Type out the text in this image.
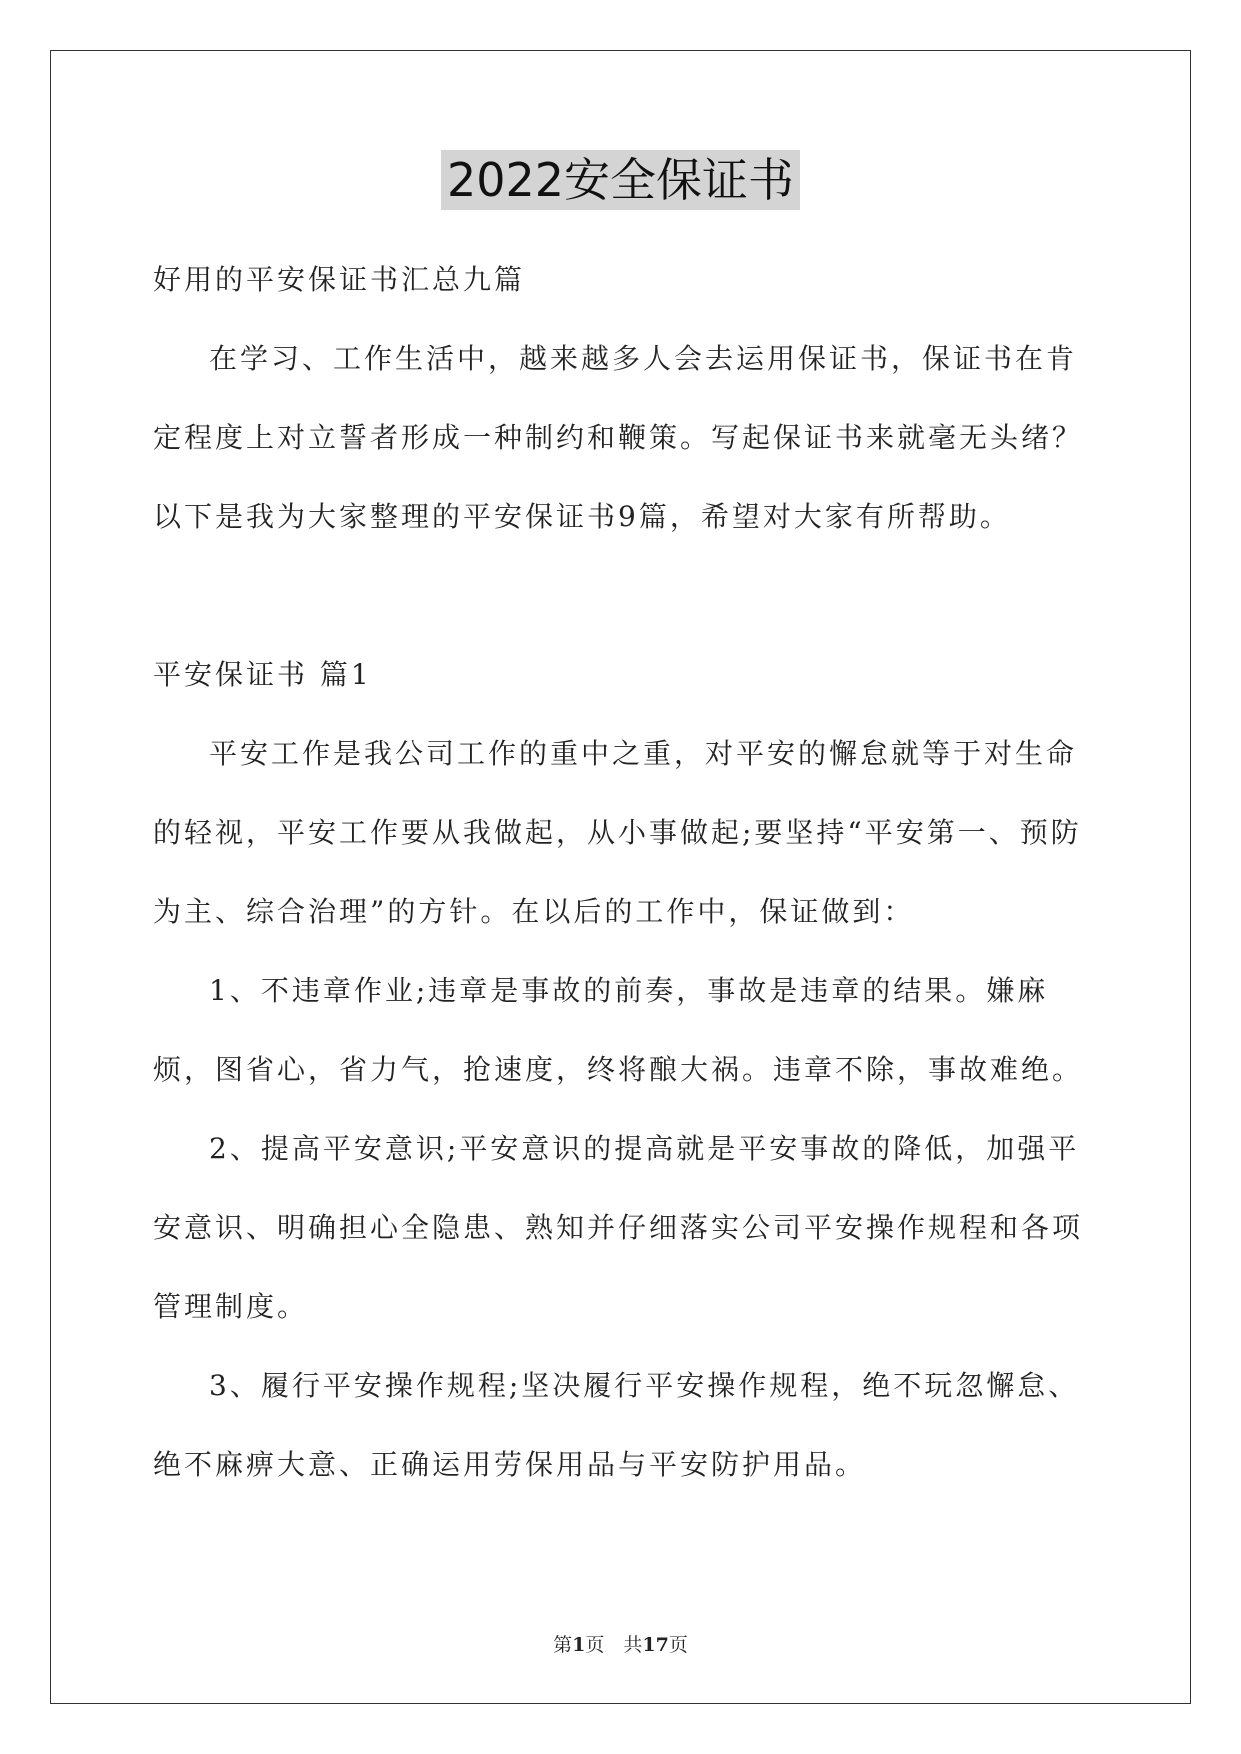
2022安全保证书

好用的平安保证书汇总九篇

在学习、工作生活中，越来越多人会去运用保证书，保证书在肯定程度上对立誓者形成一种制约和鞭策。写起保证书来就毫无头绪？以下是我为大家整理的平安保证书9篇，希望对大家有所帮助。

平安保证书 篇1

平安工作是我公司工作的重中之重，对平安的懈怠就等于对生命的轻视，平安工作要从我做起，从小事做起;要坚持“平安第一、预防为主、综合治理”的方针。在以后的工作中，保证做到：

1、不违章作业;违章是事故的前奏，事故是违章的结果。嫌麻烦，图省心，省力气，抢速度，终将酿大祸。违章不除，事故难绝。

2、提高平安意识;平安意识的提高就是平安事故的降低，加强平安意识、明确担心全隐患、熟知并仔细落实公司平安操作规程和各项管理制度。

3、履行平安操作规程;坚决履行平安操作规程，绝不玩忽懈怠、绝不麻痹大意、正确运用劳保用品与平安防护用品。

第1页　共17页
